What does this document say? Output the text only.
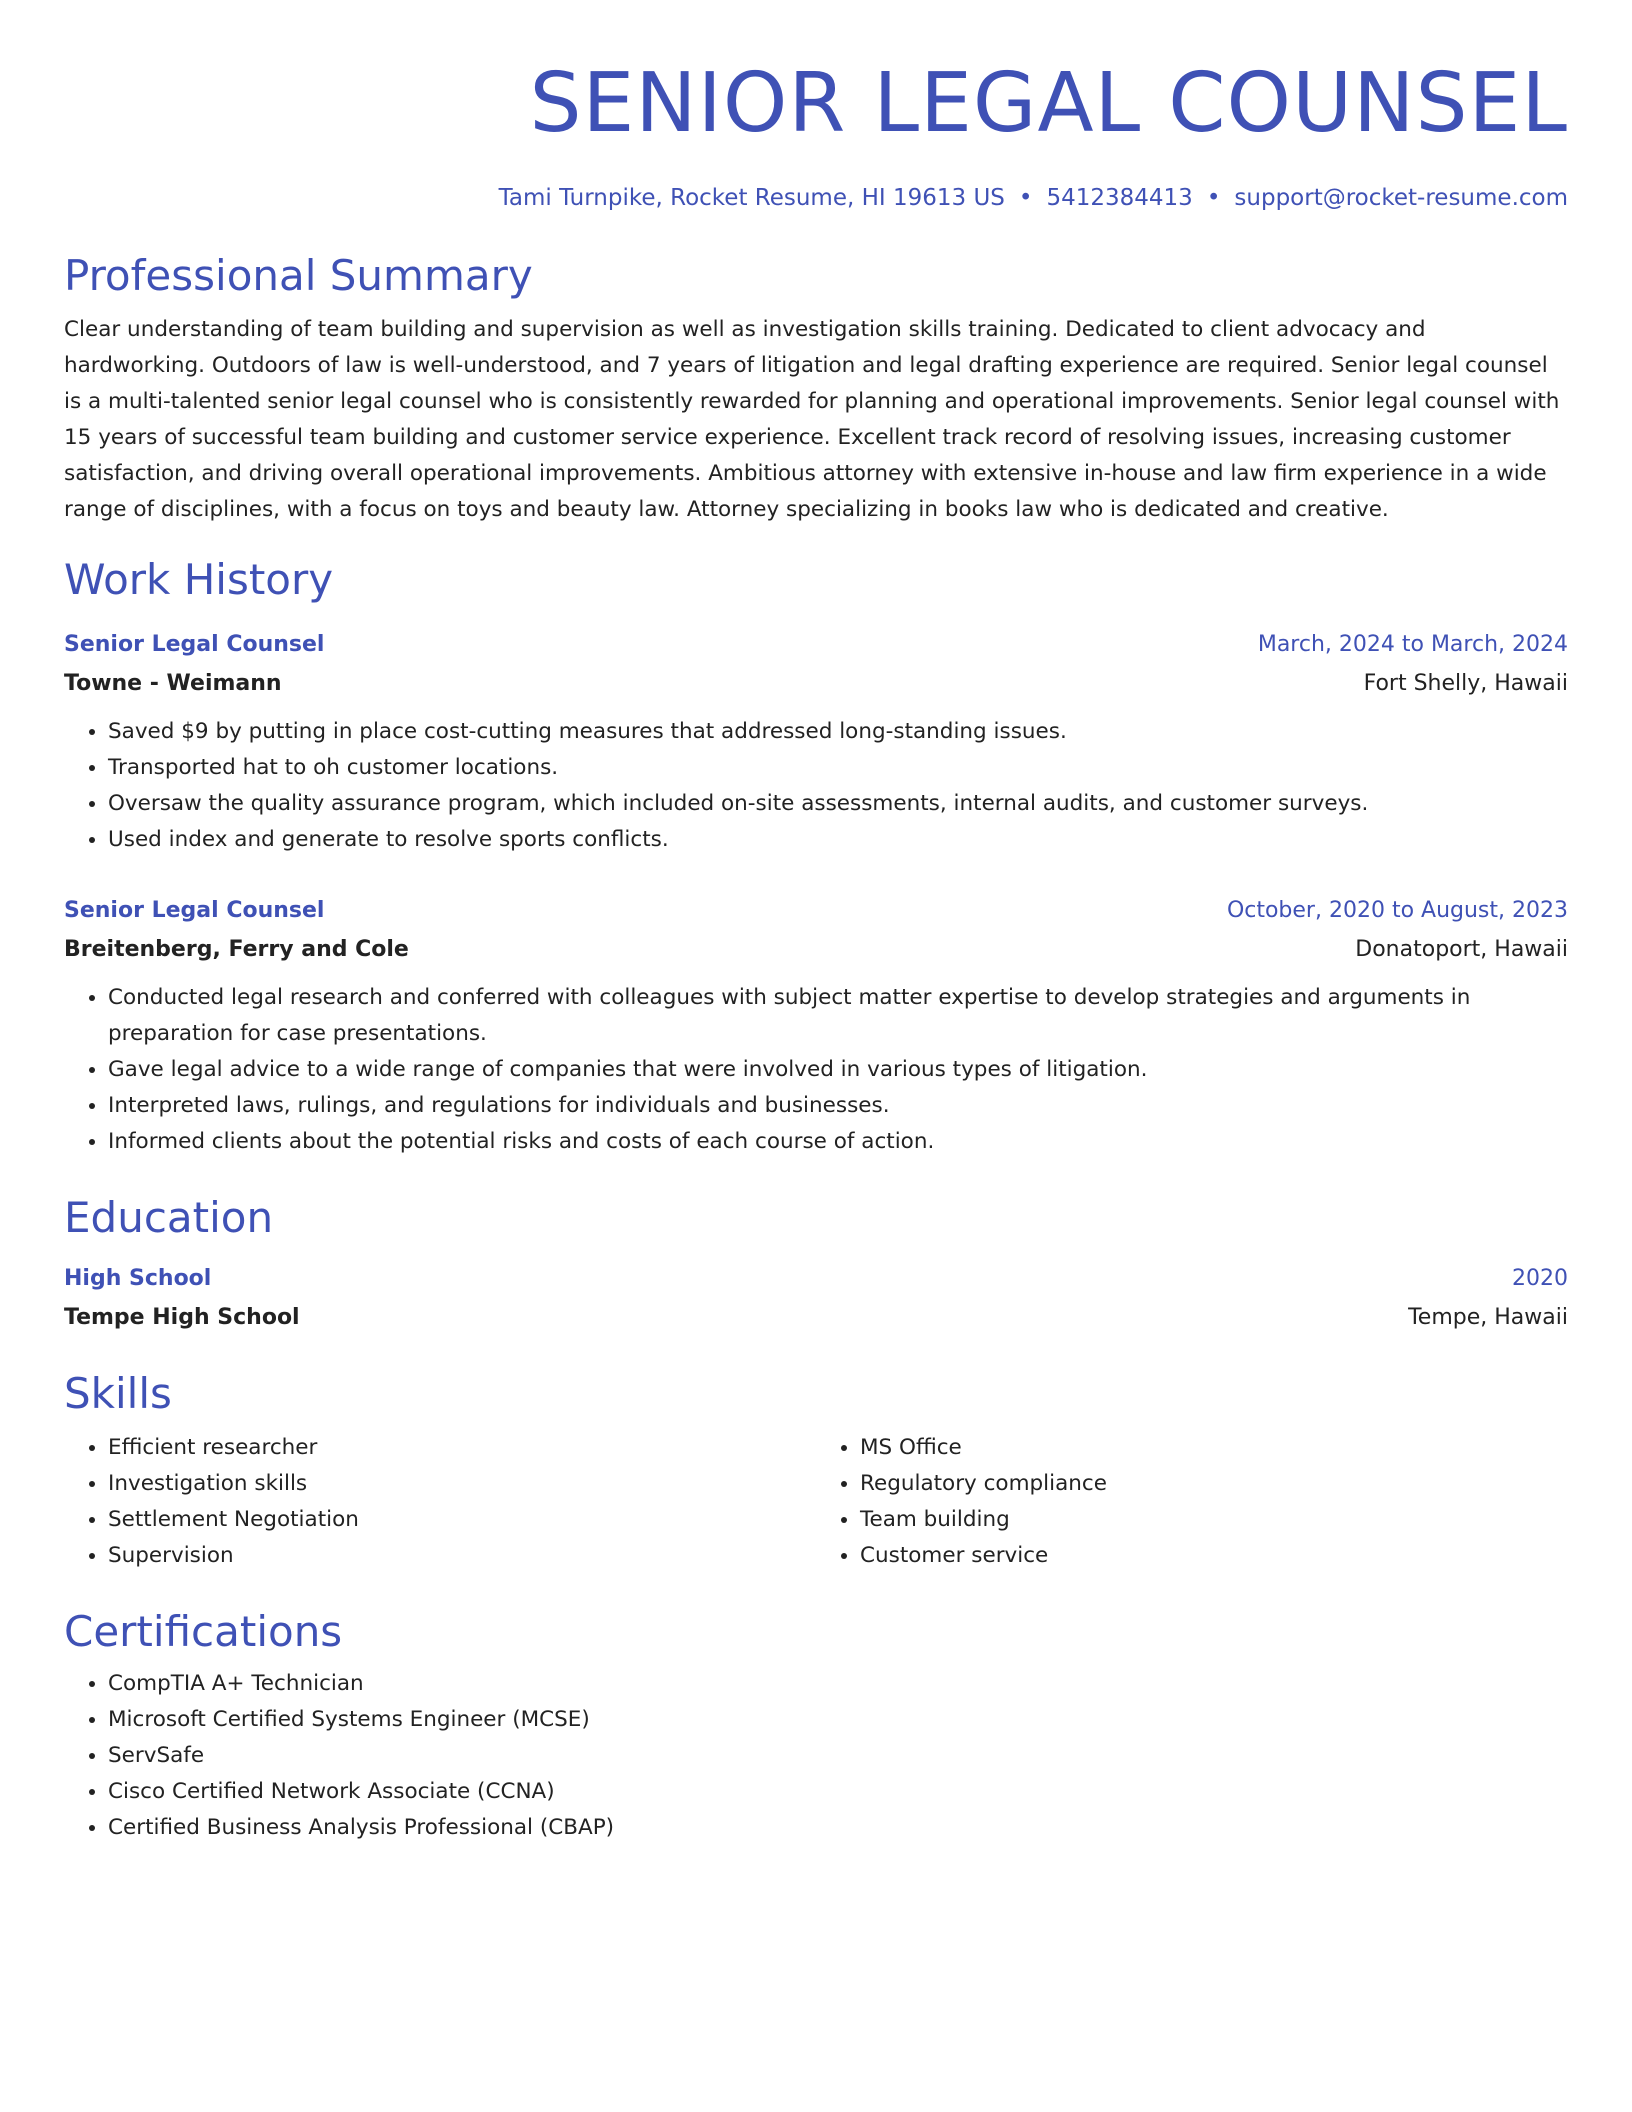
SENIOR LEGAL COUNSEL
Tami Turnpike, Rocket Resume, HI 19613 US • 5412384413 • support@rocket-resume.com
Professional Summary

Clear understanding of team building and supervision as well as investigation skills training. Dedicated to client advocacy and hardworking. Outdoors of law is well-understood, and 7 years of litigation and legal drafting experience are required. Senior legal counsel is a multi-talented senior legal counsel who is consistently rewarded for planning and operational improvements. Senior legal counsel with 15 years of successful team building and customer service experience. Excellent track record of resolving issues, increasing customer satisfaction, and driving overall operational improvements. Ambitious attorney with extensive in-house and law firm experience in a wide range of disciplines, with a focus on toys and beauty law. Attorney specializing in books law who is dedicated and creative.

Work History
Senior Legal Counsel	March, 2024 to March, 2024
Towne - Weimann	Fort Shelly, Hawaii
• Saved $9 by putting in place cost-cutting measures that addressed long-standing issues.
• Transported hat to oh customer locations.
• Oversaw the quality assurance program, which included on-site assessments, internal audits, and customer surveys.
• Used index and generate to resolve sports conflicts.
Senior Legal Counsel	October, 2020 to August, 2023
Breitenberg, Ferry and Cole	Donatoport, Hawaii
• Conducted legal research and conferred with colleagues with subject matter expertise to develop strategies and arguments in preparation for case presentations.
• Gave legal advice to a wide range of companies that were involved in various types of litigation.
• Interpreted laws, rulings, and regulations for individuals and businesses.
• Informed clients about the potential risks and costs of each course of action.
Education
High School	2020
Tempe High School	Tempe, Hawaii
Skills
• Efficient researcher
• Investigation skills
• Settlement Negotiation
• Supervision
• MS Office
• Regulatory compliance
• Team building
• Customer service
Certifications
• CompTIA A+ Technician
• Microsoft Certified Systems Engineer (MCSE)
• ServSafe
• Cisco Certified Network Associate (CCNA)
• Certified Business Analysis Professional (CBAP)
